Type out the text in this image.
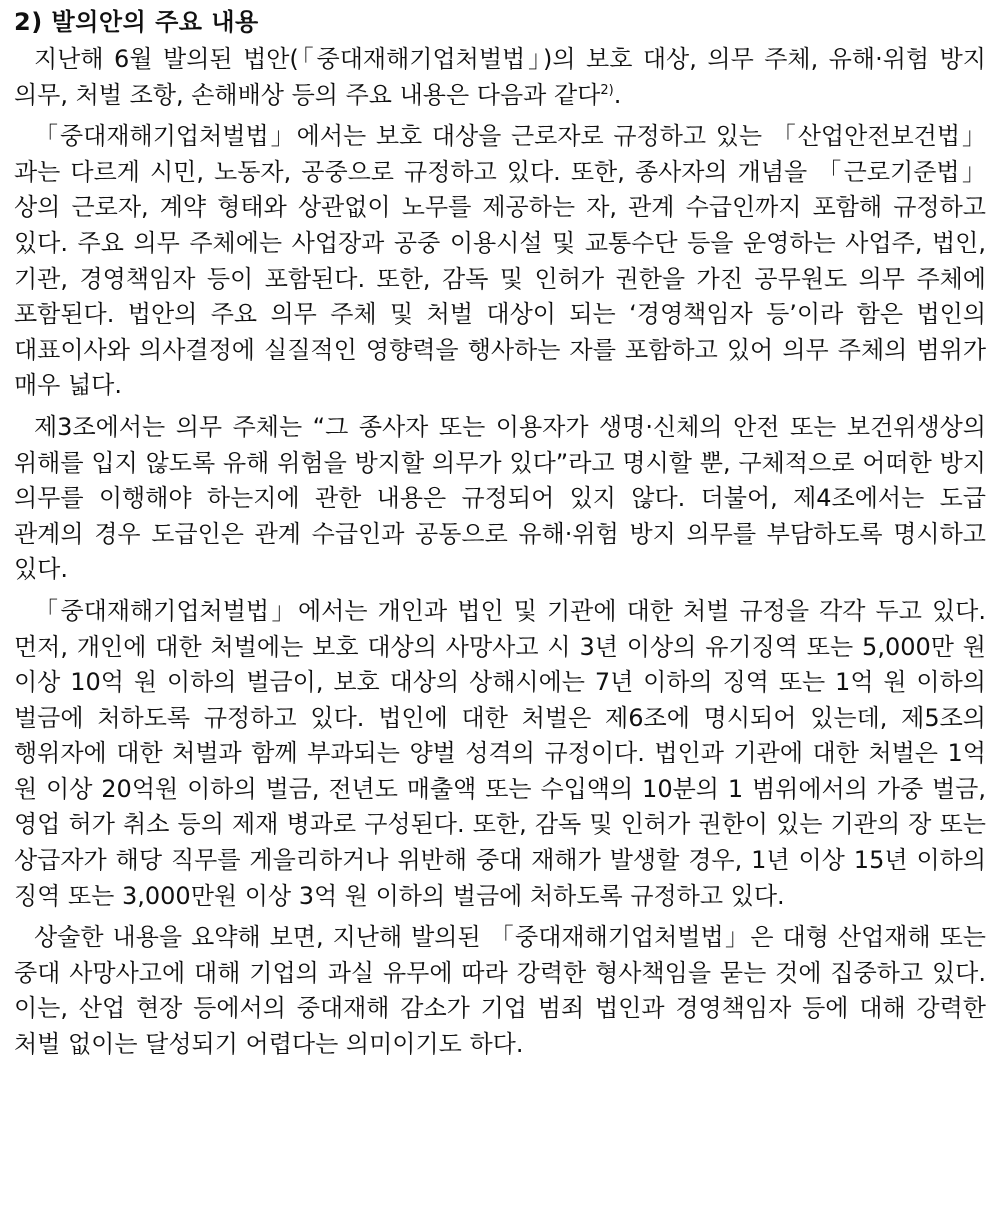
2) 발의안의 주요 내용

지난해 6월 발의된 법안(「중대재해기업처벌법」)의 보호 대상, 의무 주체, 유해·위험 방지 의무, 처벌 조항, 손해배상 등의 주요 내용은 다음과 같다$^{2)}$.

「중대재해기업처벌법」에서는 보호 대상을 근로자로 규정하고 있는 「산업안전보건법」과는 다르게 시민, 노동자, 공중으로 규정하고 있다. 또한, 종사자의 개념을 「근로기준법」상의 근로자, 계약 형태와 상관없이 노무를 제공하는 자, 관계 수급인까지 포함해 규정하고 있다. 주요 의무 주체에는 사업장과 공중 이용시설 및 교통수단 등을 운영하는 사업주, 법인, 기관, 경영책임자 등이 포함된다. 또한, 감독 및 인허가 권한을 가진 공무원도 의무 주체에 포함된다. 법안의 주요 의무 주체 및 처벌 대상이 되는 ‘경영책임자 등’이라 함은 법인의 대표이사와 의사결정에 실질적인 영향력을 행사하는 자를 포함하고 있어 의무 주체의 범위가 매우 넓다.

제3조에서는 의무 주체는 “그 종사자 또는 이용자가 생명·신체의 안전 또는 보건위생상의 위해를 입지 않도록 유해 위험을 방지할 의무가 있다”라고 명시할 뿐, 구체적으로 어떠한 방지 의무를 이행해야 하는지에 관한 내용은 규정되어 있지 않다. 더불어, 제4조에서는 도급 관계의 경우 도급인은 관계 수급인과 공동으로 유해·위험 방지 의무를 부담하도록 명시하고 있다.

「중대재해기업처벌법」에서는 개인과 법인 및 기관에 대한 처벌 규정을 각각 두고 있다. 먼저, 개인에 대한 처벌에는 보호 대상의 사망사고 시 3년 이상의 유기징역 또는 5,000만 원 이상 10억 원 이하의 벌금이, 보호 대상의 상해시에는 7년 이하의 징역 또는 1억 원 이하의 벌금에 처하도록 규정하고 있다. 법인에 대한 처벌은 제6조에 명시되어 있는데, 제5조의 행위자에 대한 처벌과 함께 부과되는 양벌 성격의 규정이다. 법인과 기관에 대한 처벌은 1억 원 이상 20억원 이하의 벌금, 전년도 매출액 또는 수입액의 10분의 1 범위에서의 가중 벌금, 영업 허가 취소 등의 제재 병과로 구성된다. 또한, 감독 및 인허가 권한이 있는 기관의 장 또는 상급자가 해당 직무를 게을리하거나 위반해 중대 재해가 발생할 경우, 1년 이상 15년 이하의 징역 또는 3,000만원 이상 3억 원 이하의 벌금에 처하도록 규정하고 있다.

상술한 내용을 요약해 보면, 지난해 발의된 「중대재해기업처벌법」은 대형 산업재해 또는 중대 사망사고에 대해 기업의 과실 유무에 따라 강력한 형사책임을 묻는 것에 집중하고 있다. 이는, 산업 현장 등에서의 중대재해 감소가 기업 범죄 법인과 경영책임자 등에 대해 강력한 처벌 없이는 달성되기 어렵다는 의미이기도 하다.
